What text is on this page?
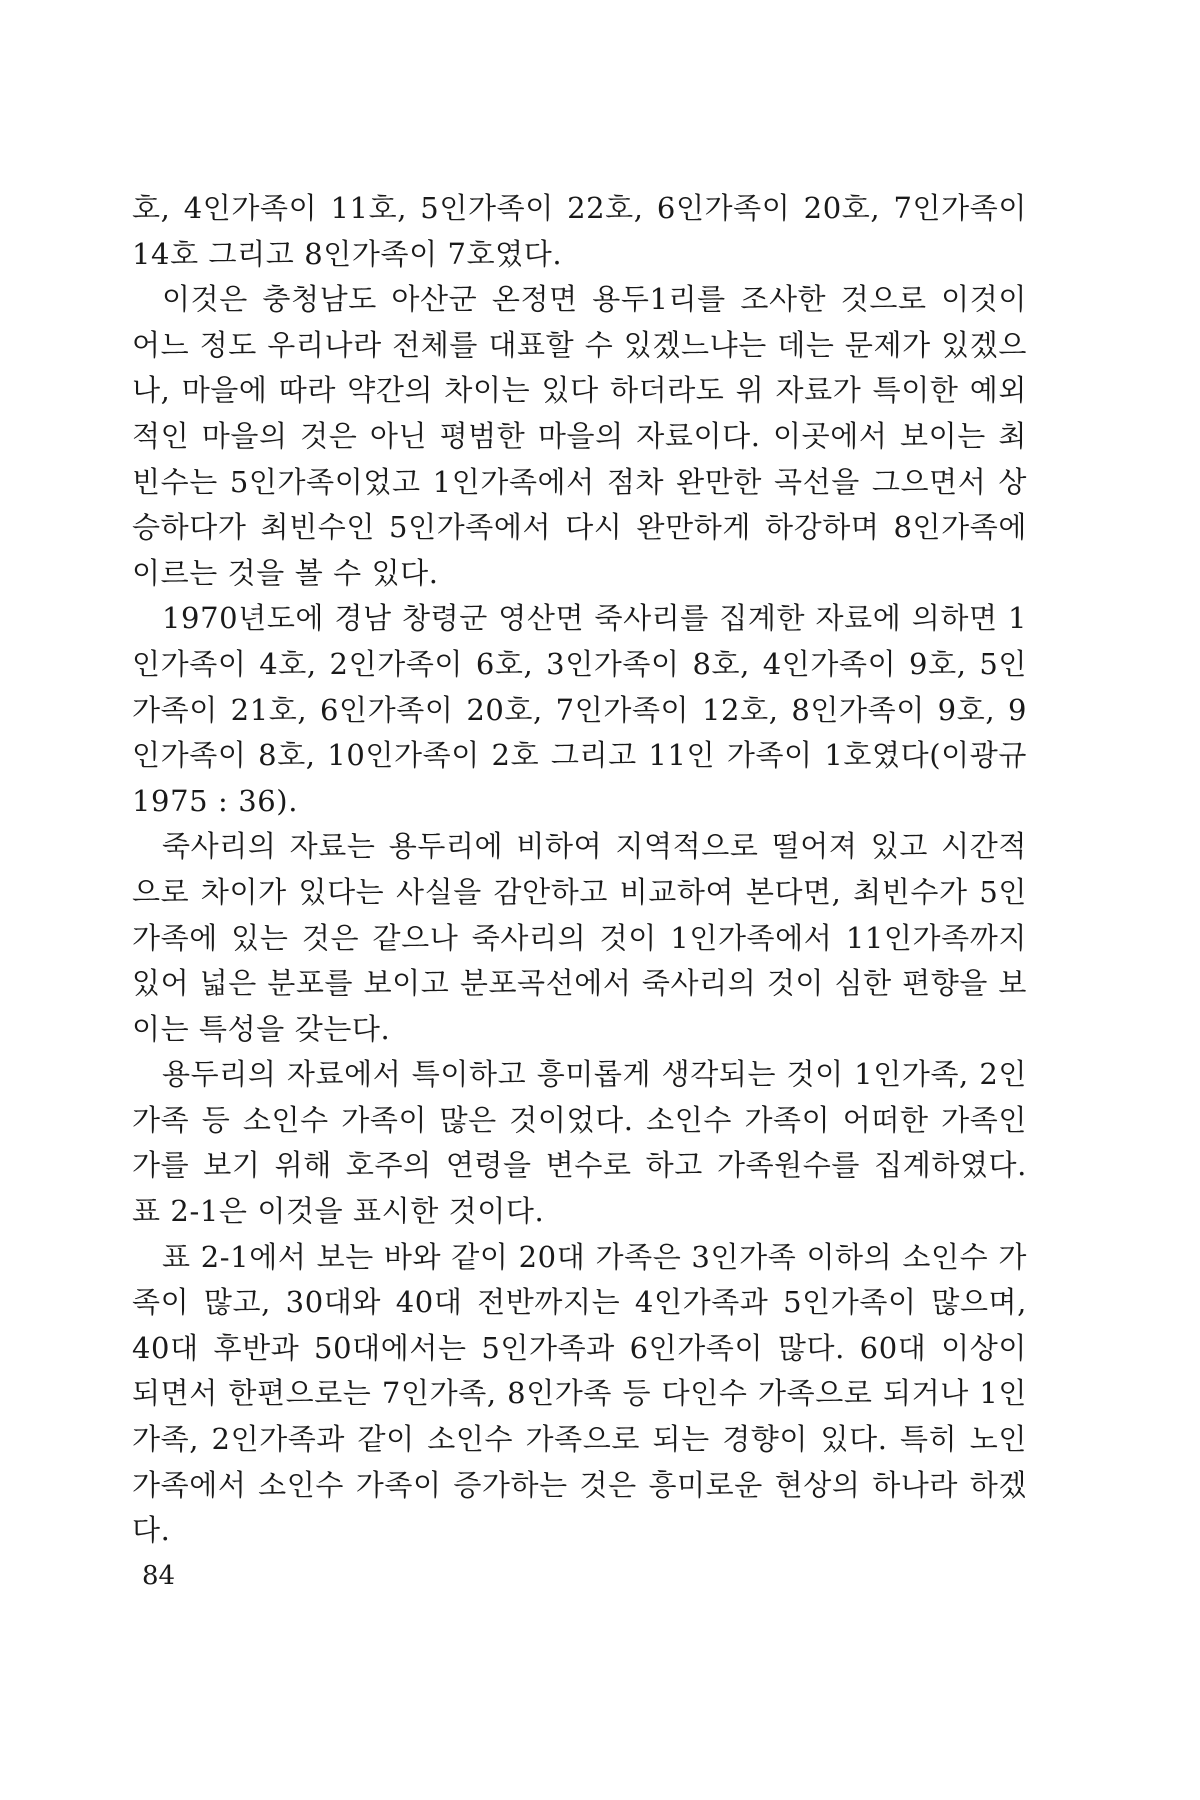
호, 4인가족이 11호, 5인가족이 22호, 6인가족이 20호, 7인가족이 14호 그리고 8인가족이 7호였다.

이것은 충청남도 아산군 온정면 용두1리를 조사한 것으로 이것이 어느 정도 우리나라 전체를 대표할 수 있겠느냐는 데는 문제가 있겠으나, 마을에 따라 약간의 차이는 있다 하더라도 위 자료가 특이한 예외적인 마을의 것은 아닌 평범한 마을의 자료이다. 이곳에서 보이는 최빈수는 5인가족이었고 1인가족에서 점차 완만한 곡선을 그으면서 상승하다가 최빈수인 5인가족에서 다시 완만하게 하강하며 8인가족에 이르는 것을 볼 수 있다.

1970년도에 경남 창령군 영산면 죽사리를 집계한 자료에 의하면 1인가족이 4호, 2인가족이 6호, 3인가족이 8호, 4인가족이 9호, 5인가족이 21호, 6인가족이 20호, 7인가족이 12호, 8인가족이 9호, 9인가족이 8호, 10인가족이 2호 그리고 11인 가족이 1호였다(이광규 1975 : 36).

죽사리의 자료는 용두리에 비하여 지역적으로 떨어져 있고 시간적으로 차이가 있다는 사실을 감안하고 비교하여 본다면, 최빈수가 5인가족에 있는 것은 같으나 죽사리의 것이 1인가족에서 11인가족까지 있어 넓은 분포를 보이고 분포곡선에서 죽사리의 것이 심한 편향을 보이는 특성을 갖는다.

용두리의 자료에서 특이하고 흥미롭게 생각되는 것이 1인가족, 2인가족 등 소인수 가족이 많은 것이었다. 소인수 가족이 어떠한 가족인가를 보기 위해 호주의 연령을 변수로 하고 가족원수를 집계하였다. 표 2-1은 이것을 표시한 것이다.

표 2-1에서 보는 바와 같이 20대 가족은 3인가족 이하의 소인수 가족이 많고, 30대와 40대 전반까지는 4인가족과 5인가족이 많으며, 40대 후반과 50대에서는 5인가족과 6인가족이 많다. 60대 이상이 되면서 한편으로는 7인가족, 8인가족 등 다인수 가족으로 되거나 1인가족, 2인가족과 같이 소인수 가족으로 되는 경향이 있다. 특히 노인가족에서 소인수 가족이 증가하는 것은 흥미로운 현상의 하나라 하겠다.

84
